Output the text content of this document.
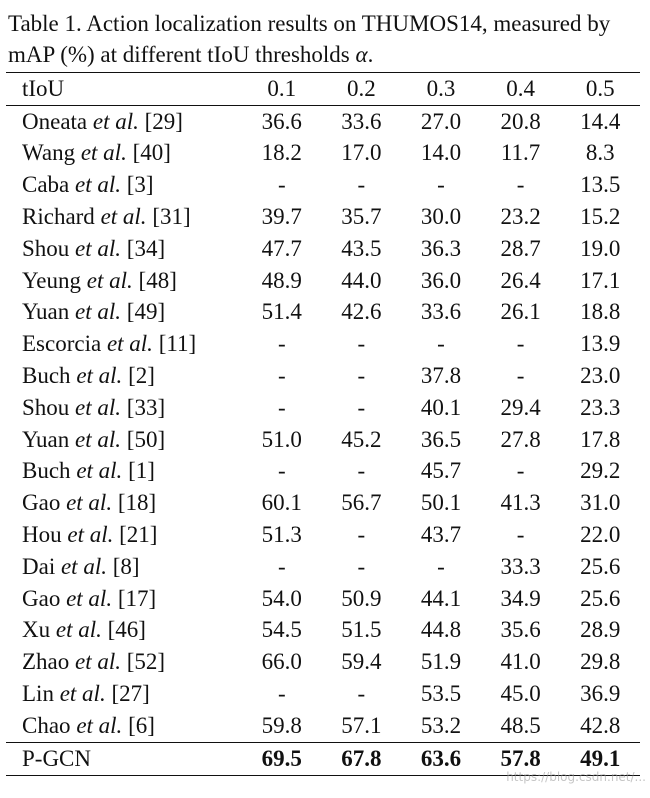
Table 1. Action localization results on THUMOS14, measured by mAP (%) at different tIoU thresholds α.
tIoU	0.1	0.2	0.3	0.4	0.5
Oneata et al. [29]	36.6	33.6	27.0	20.8	14.4
Wang et al. [40]	18.2	17.0	14.0	11.7	8.3
Caba et al. [3]	-	-	-	-	13.5
Richard et al. [31]	39.7	35.7	30.0	23.2	15.2
Shou et al. [34]	47.7	43.5	36.3	28.7	19.0
Yeung et al. [48]	48.9	44.0	36.0	26.4	17.1
Yuan et al. [49]	51.4	42.6	33.6	26.1	18.8
Escorcia et al. [11]	-	-	-	-	13.9
Buch et al. [2]	-	-	37.8	-	23.0
Shou et al. [33]	-	-	40.1	29.4	23.3
Yuan et al. [50]	51.0	45.2	36.5	27.8	17.8
Buch et al. [1]	-	-	45.7	-	29.2
Gao et al. [18]	60.1	56.7	50.1	41.3	31.0
Hou et al. [21]	51.3	-	43.7	-	22.0
Dai et al. [8]	-	-	-	33.3	25.6
Gao et al. [17]	54.0	50.9	44.1	34.9	25.6
Xu et al. [46]	54.5	51.5	44.8	35.6	28.9
Zhao et al. [52]	66.0	59.4	51.9	41.0	29.8
Lin et al. [27]	-	-	53.5	45.0	36.9
Chao et al. [6]	59.8	57.1	53.2	48.5	42.8
P-GCN	69.5	67.8	63.6	57.8	49.1
https://blog.csdn.net/...
